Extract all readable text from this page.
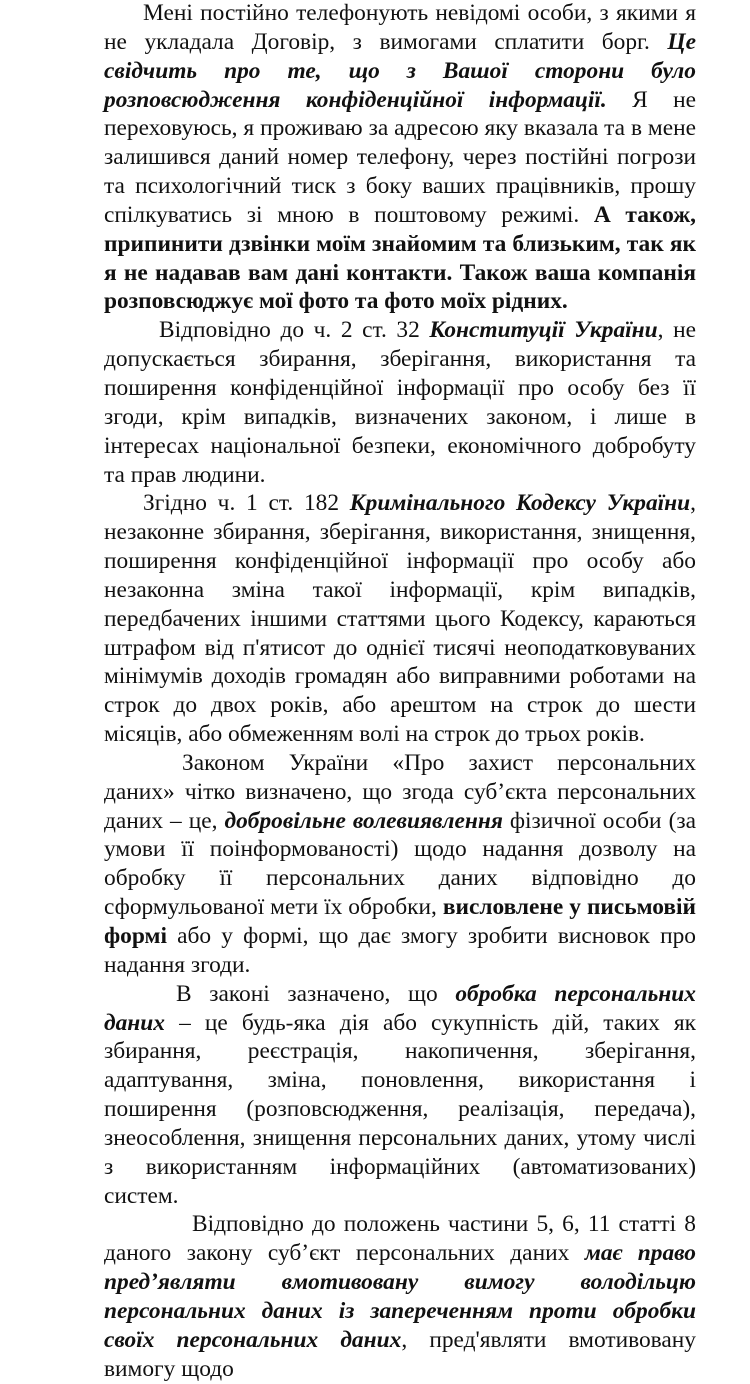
Мені постійно телефонують невідомі особи, з якими я не укладала Договір, з вимогами сплатити борг. Це свідчить про те, що з Вашої сторони було розповсюдження конфіденційної інформації. Я не переховуюсь, я проживаю за адресою яку вказала та в мене залишився даний номер телефону, через постійні погрози та психологічний тиск з боку ваших працівників, прошу спілкуватись зі мною в поштовому режимі. А також, припинити дзвінки моїм знайомим та близьким, так як я не надавав вам дані контакти. Також ваша компанія розповсюджує мої фото та фото моїх рідних.

Відповідно до ч. 2 ст. 32 Конституції України, не допускається збирання, зберігання, використання та поширення конфіденційної інформації про особу без її згоди, крім випадків, визначених законом, і лише в інтересах національної безпеки, економічного добробуту та прав людини.

Згідно ч. 1 ст. 182 Кримінального Кодексу України, незаконне збирання, зберігання, використання, знищення, поширення конфіденційної інформації про особу або незаконна зміна такої інформації, крім випадків, передбачених іншими статтями цього Кодексу, караються штрафом від п'ятисот до однієї тисячі неоподатковуваних мінімумів доходів громадян або виправними роботами на строк до двох років, або арештом на строк до шести місяців, або обмеженням волі на строк до трьох років.

Законом України «Про захист персональних даних» чітко визначено, що згода суб’єкта персональних даних – це, добровільне волевиявлення фізичної особи (за умови її поінформованості) щодо надання дозволу на обробку її персональних даних відповідно до сформульованої мети їх обробки, висловлене у письмовій формі або у формі, що дає змогу зробити висновок про надання згоди.

В законі зазначено, що обробка персональних даних – це будь-яка дія або сукупність дій, таких як збирання, реєстрація, накопичення, зберігання, адаптування, зміна, поновлення, використання і поширення (розповсюдження, реалізація, передача), знеособлення, знищення персональних даних, утому числі з використанням інформаційних (автоматизованих) систем.

Відповідно до положень частини 5, 6, 11 статті 8 даного закону суб’єкт персональних даних має право пред’являти вмотивовану вимогу володільцю персональних даних із запереченням проти обробки своїх персональних даних, пред'являти вмотивовану вимогу щодо
